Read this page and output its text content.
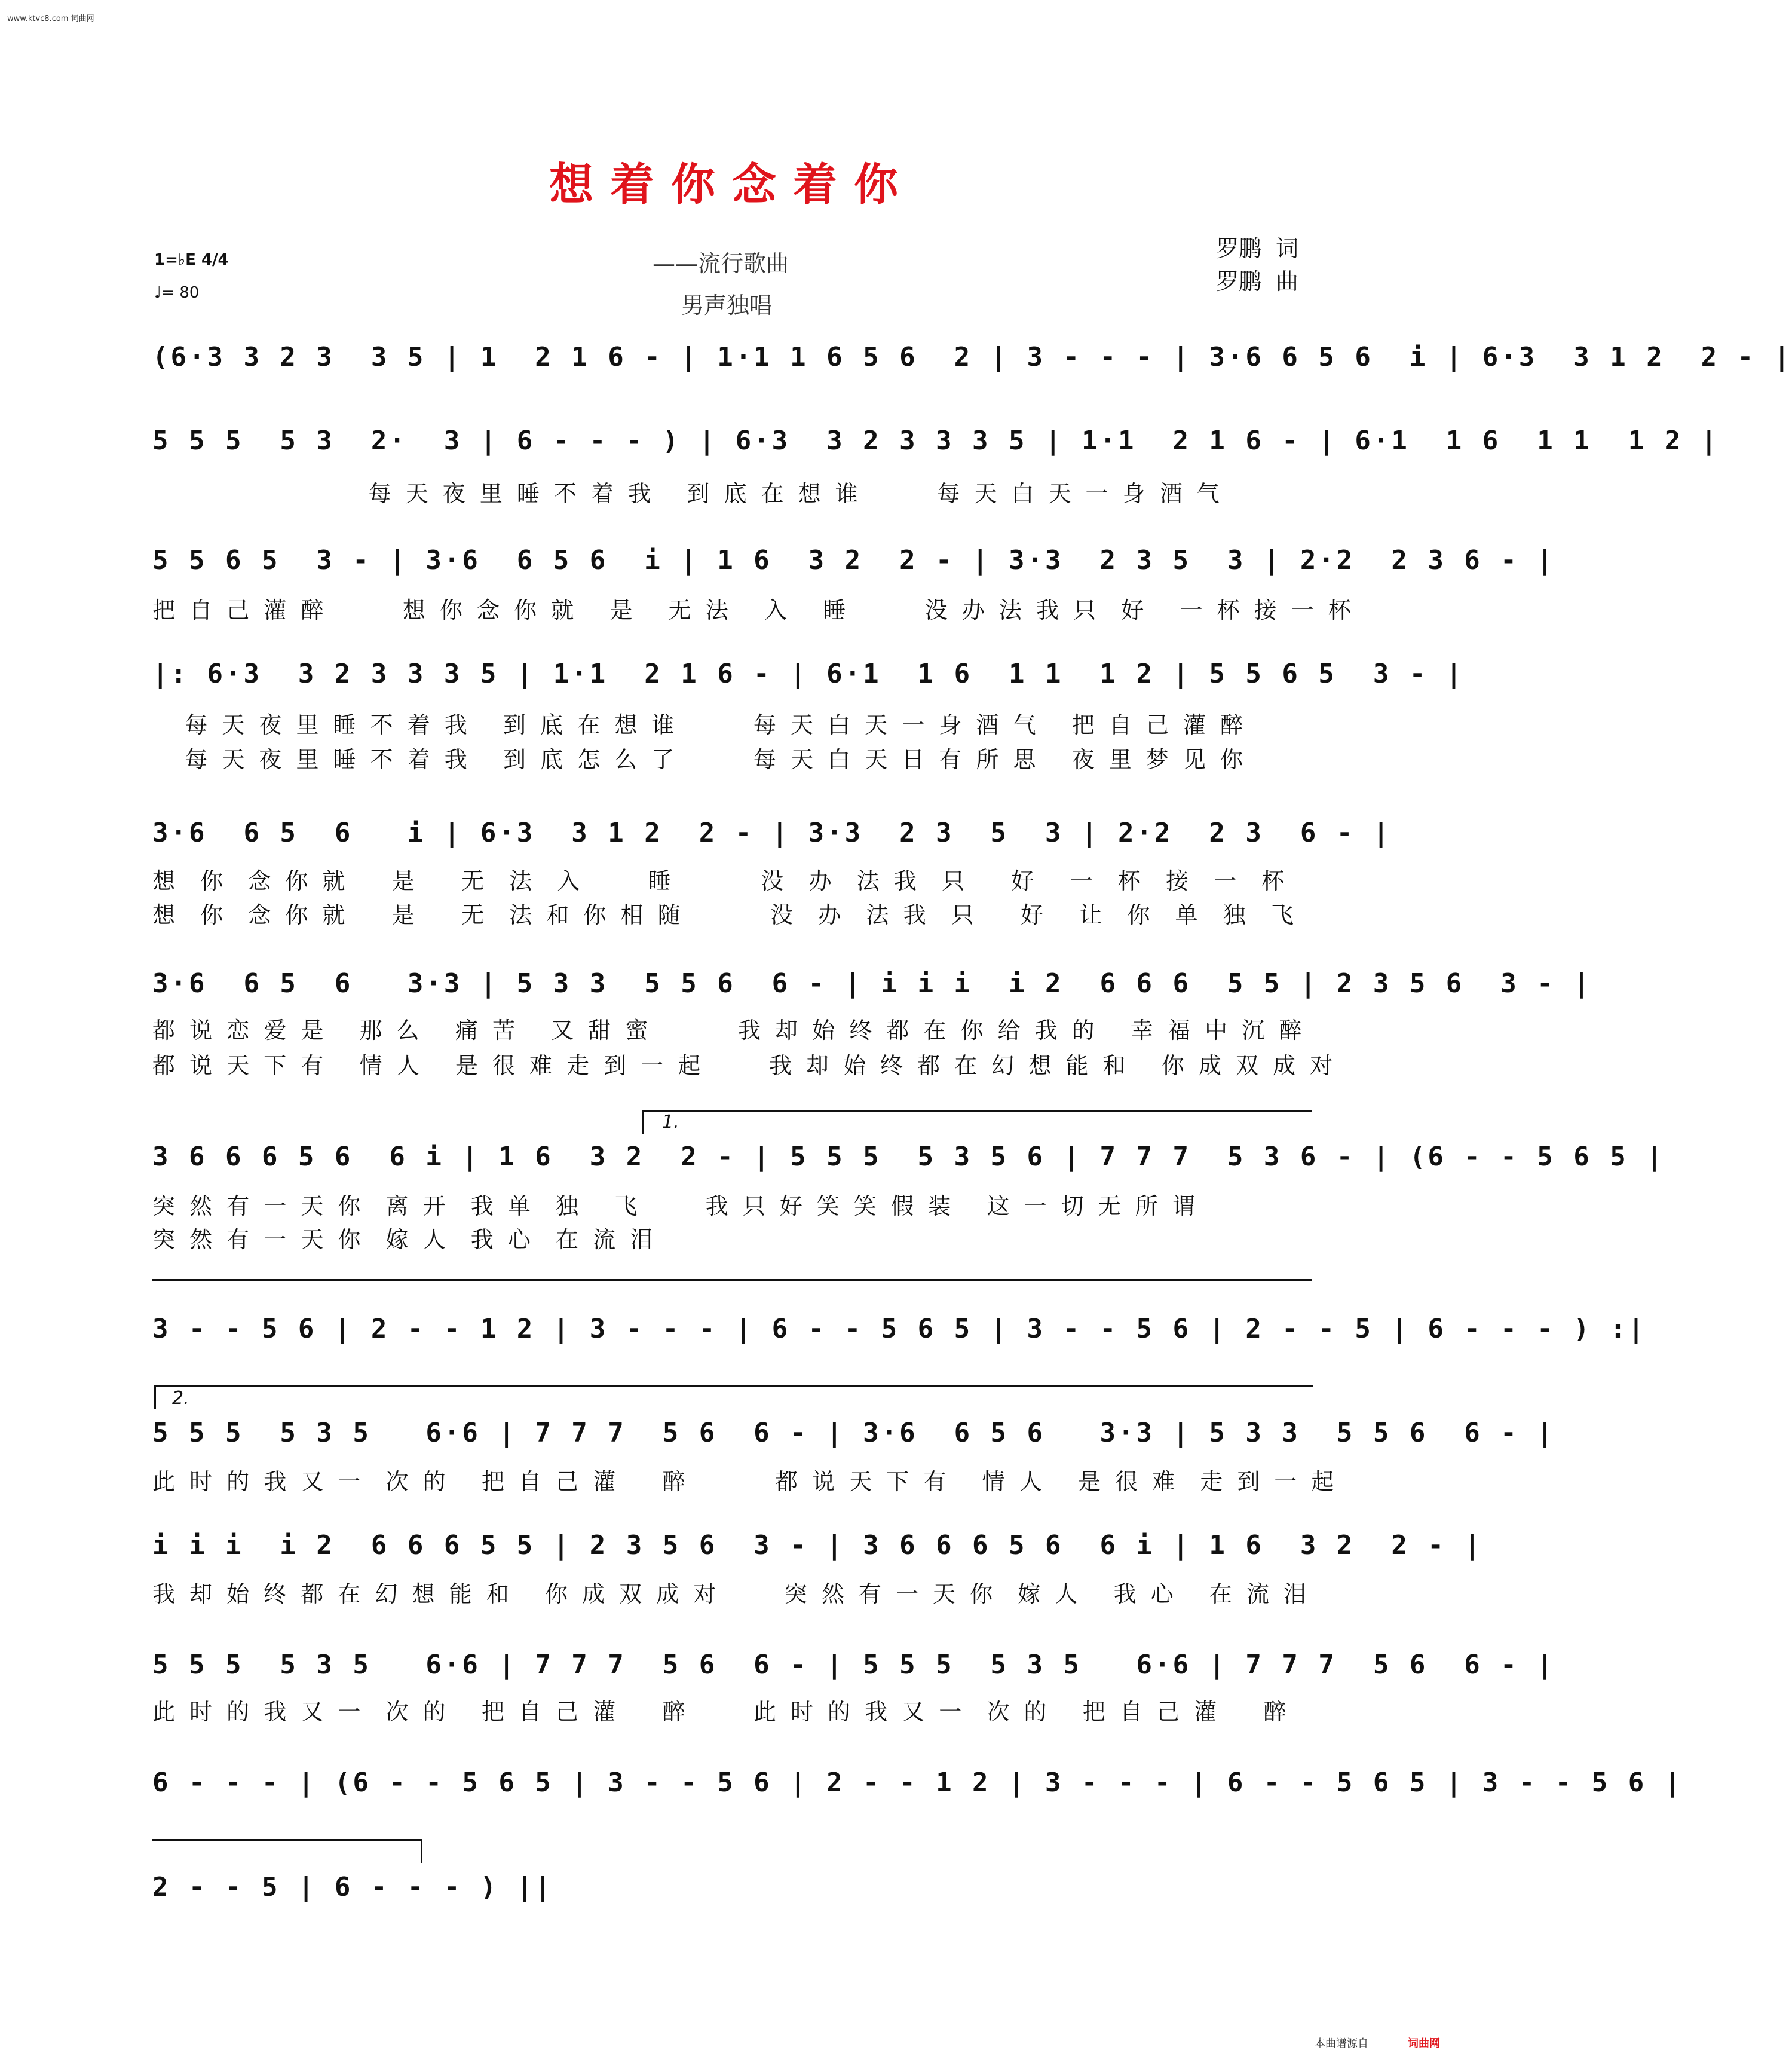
www.ktvc8.com 词曲网
想着你念着你
1=♭E 4/4
♩= 80
——流行歌曲
男声独唱
罗鹏  词
罗鹏  曲
(6·3 3 2 3  3 5 | 1  2 1 6 - | 1·1 1 6 5 6  2 | 3 - - - | 3·6 6 5 6  i | 6·3  3 1 2  2 - |
5 5 5  5 3  2·  3 | 6 - - - ) | 6·3  3 2 3 3 3 5 | 1·1  2 1 6 - | 6·1  1 6  1 1  1 2 |
每 天 夜 里 睡 不 着 我   到 底 在 想 谁       每 天 白 天 一 身 酒 气
5 5 6 5  3 - | 3·6  6 5 6  i | 1 6  3 2  2 - | 3·3  2 3 5  3 | 2·2  2 3 6 - |
把 自 己 灌 醉       想 你 念 你 就   是   无 法   入   睡       没 办 法 我 只  好   一 杯 接 一 杯
|: 6·3  3 2 3 3 3 5 | 1·1  2 1 6 - | 6·1  1 6  1 1  1 2 | 5 5 6 5  3 - |
每 天 夜 里 睡 不 着 我   到 底 在 想 谁       每 天 白 天 一 身 酒 气   把 自 己 灌 醉
每 天 夜 里 睡 不 着 我   到 底 怎 么 了       每 天 白 天 日 有 所 思   夜 里 梦 见 你
3·6  6 5  6   i | 6·3  3 1 2  2 - | 3·3  2 3  5  3 | 2·2  2 3  6 - |
想  你  念 你 就    是    无  法  入      睡        没  办  法 我  只    好   一  杯  接  一  杯
想  你  念 你 就    是    无  法 和 你 相 随        没  办  法 我  只    好   让  你  单  独  飞
3·6  6 5  6   3·3 | 5 3 3  5 5 6  6 - | i i i  i 2  6 6 6  5 5 | 2 3 5 6  3 - |
都 说 恋 爱 是   那 么   痛 苦   又 甜 蜜        我 却 始 终 都 在 你 给 我 的   幸 福 中 沉 醉
都 说 天 下 有   情 人   是 很 难 走 到 一 起      我 却 始 终 都 在 幻 想 能 和   你 成 双 成 对
1.
3 6 6 6 5 6  6 i | 1 6  3 2  2 - | 5 5 5  5 3 5 6 | 7 7 7  5 3 6 - | (6 - - 5 6 5 |
突 然 有 一 天 你  离 开  我 单  独   飞      我 只 好 笑 笑 假 装   这 一 切 无 所 谓
突 然 有 一 天 你  嫁 人  我 心  在 流 泪
3 - - 5 6 | 2 - - 1 2 | 3 - - - | 6 - - 5 6 5 | 3 - - 5 6 | 2 - - 5 | 6 - - - ) :|
2.
5 5 5  5 3 5   6·6 | 7 7 7  5 6  6 - | 3·6  6 5 6   3·3 | 5 3 3  5 5 6  6 - |
此 时 的 我 又 一  次 的   把 自 己 灌    醉        都 说 天 下 有   情 人   是 很 难  走 到 一 起
i i i  i 2  6 6 6 5 5 | 2 3 5 6  3 - | 3 6 6 6 5 6  6 i | 1 6  3 2  2 - |
我 却 始 终 都 在 幻 想 能 和   你 成 双 成 对      突 然 有 一 天 你  嫁 人   我 心   在 流 泪
5 5 5  5 3 5   6·6 | 7 7 7  5 6  6 - | 5 5 5  5 3 5   6·6 | 7 7 7  5 6  6 - |
此 时 的 我 又 一  次 的   把 自 己 灌    醉      此 时 的 我 又 一  次 的   把 自 己 灌    醉
6 - - - | (6 - - 5 6 5 | 3 - - 5 6 | 2 - - 1 2 | 3 - - - | 6 - - 5 6 5 | 3 - - 5 6 |
2 - - 5 | 6 - - - ) ||
本曲谱源自	词曲网
